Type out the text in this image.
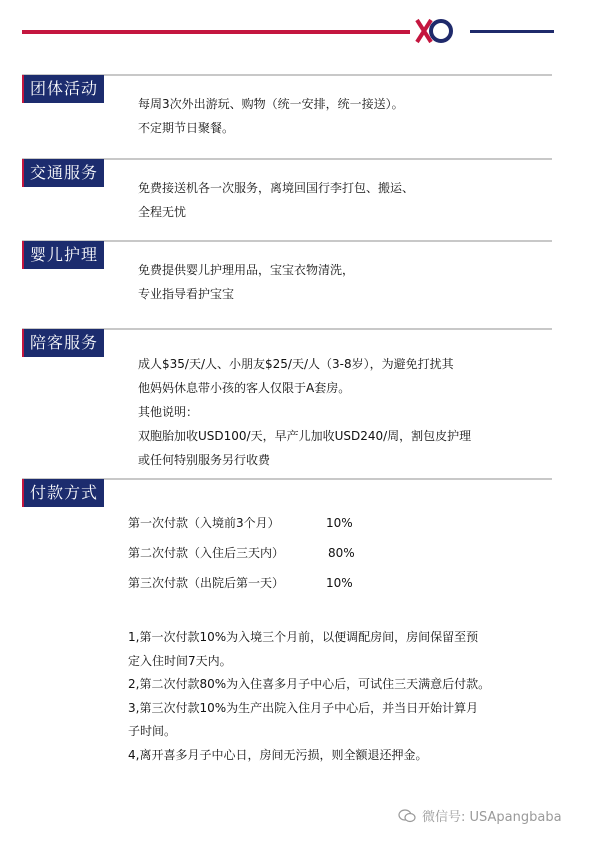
团体活动
每周3次外出游玩、购物（统一安排，统一接送）。
不定期节日聚餐。
交通服务
免费接送机各一次服务，离境回国行李打包、搬运、
全程无忧
婴儿护理
免费提供婴儿护理用品，宝宝衣物清洗，
专业指导看护宝宝
陪客服务
成人$35/天/人、小朋友$25/天/人（3-8岁），为避免打扰其
他妈妈休息带小孩的客人仅限于A套房。
其他说明：
双胞胎加收USD100/天，早产儿加收USD240/周，割包皮护理
或任何特别服务另行收费
付款方式
第一次付款（入境前3个月）	10%
第二次付款（入住后三天内）	80%
第三次付款（出院后第一天）	10%
1,第一次付款10%为入境三个月前，以便调配房间，房间保留至预
定入住时间7天内。
2,第二次付款80%为入住喜多月子中心后，可试住三天满意后付款。
3,第三次付款10%为生产出院入住月子中心后，并当日开始计算月
子时间。
4,离开喜多月子中心日，房间无污损，则全额退还押金。
微信号: USApangbaba
